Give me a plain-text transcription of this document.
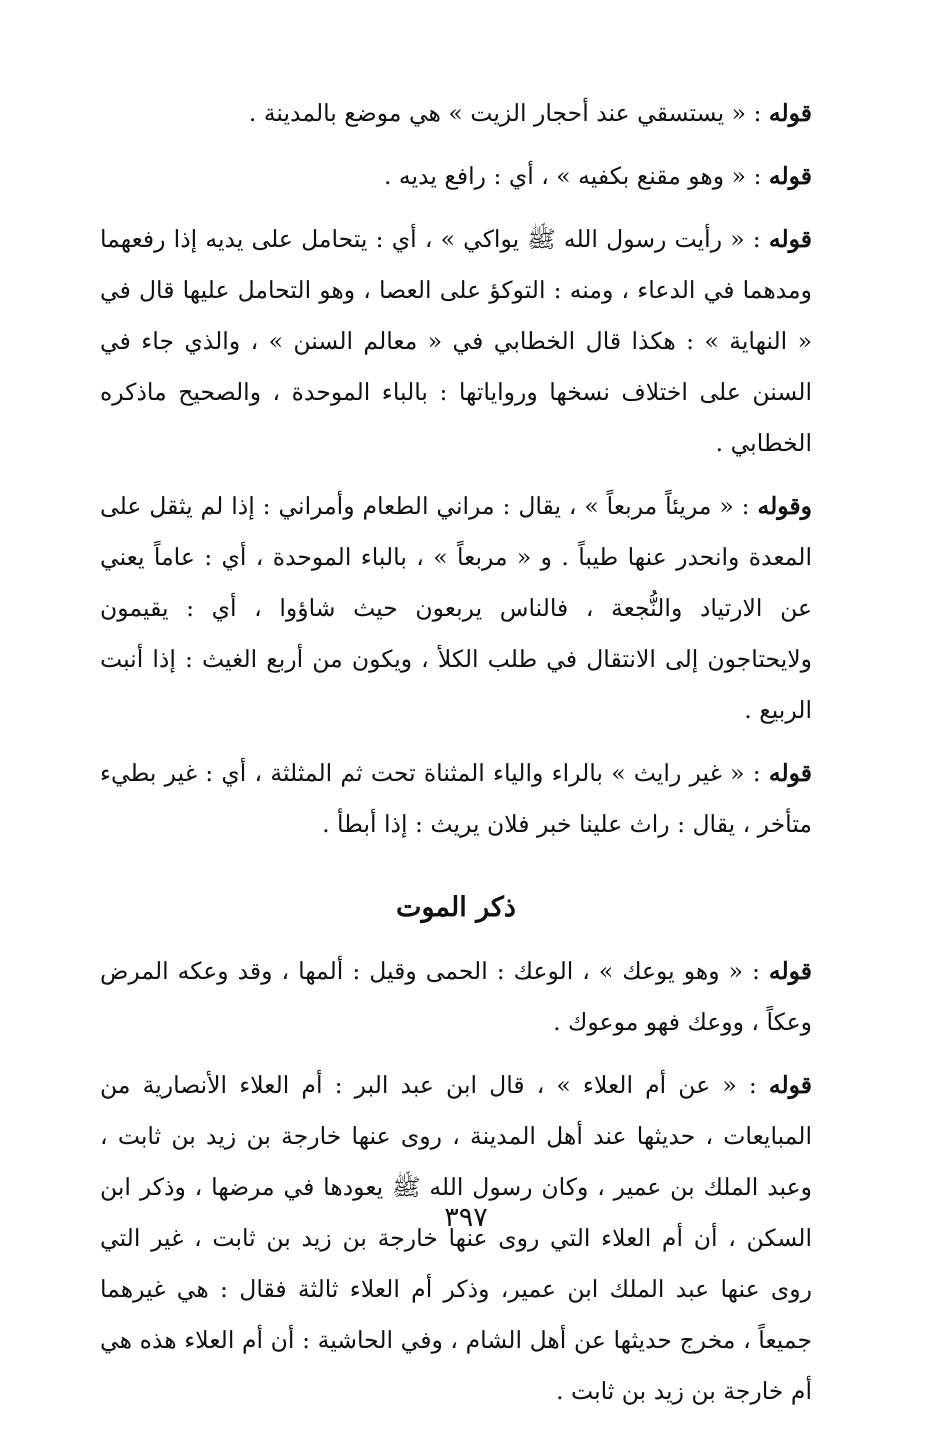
قوله : « يستسقي عند أحجار الزيت » هي موضع بالمدينة .

قوله : « وهو مقنع بكفيه » ، أي : رافع يديه .

قوله : « رأيت رسول الله ﷺ يواكي » ، أي : يتحامل على يديه إذا رفعهما ومدهما في الدعاء ، ومنه : التوكؤ على العصا ، وهو التحامل عليها قال في « النهاية » : هكذا قال الخطابي في « معالم السنن » ، والذي جاء في السنن على اختلاف نسخها ورواياتها : بالباء الموحدة ، والصحيح ماذكره الخطابي .

وقوله : « مريئاً مربعاً » ، يقال : مراني الطعام وأمراني : إذا لم يثقل على المعدة وانحدر عنها طيباً . و « مربعاً » ، بالباء الموحدة ، أي : عاماً يعني عن الارتياد والنُّجعة ، فالناس يربعون حيث شاؤوا ، أي : يقيمون ولايحتاجون إلى الانتقال في طلب الكلأ ، ويكون من أربع الغيث : إذا أنبت الربيع .

قوله : « غير رايث » بالراء والياء المثناة تحت ثم المثلثة ، أي : غير بطيء متأخر ، يقال : راث علينا خبر فلان يريث : إذا أبطأ .

ذكر الموت

قوله : « وهو يوعك » ، الوعك : الحمى وقيل : ألمها ، وقد وعكه المرض وعكاً ، ووعك فهو موعوك .

قوله : « عن أم العلاء » ، قال ابن عبد البر : أم العلاء الأنصارية من المبايعات ، حديثها عند أهل المدينة ، روى عنها خارجة بن زيد بن ثابت ، وعبد الملك بن عمير ، وكان رسول الله ﷺ يعودها في مرضها ، وذكر ابن السكن ، أن أم العلاء التي روى عنها خارجة بن زيد بن ثابت ، غير التي روى عنها عبد الملك ابن عمير، وذكر أم العلاء ثالثة فقال : هي غيرهما جميعاً ، مخرج حديثها عن أهل الشام ، وفي الحاشية : أن أم العلاء هذه هي أم خارجة بن زيد بن ثابت .

٣٩٧
